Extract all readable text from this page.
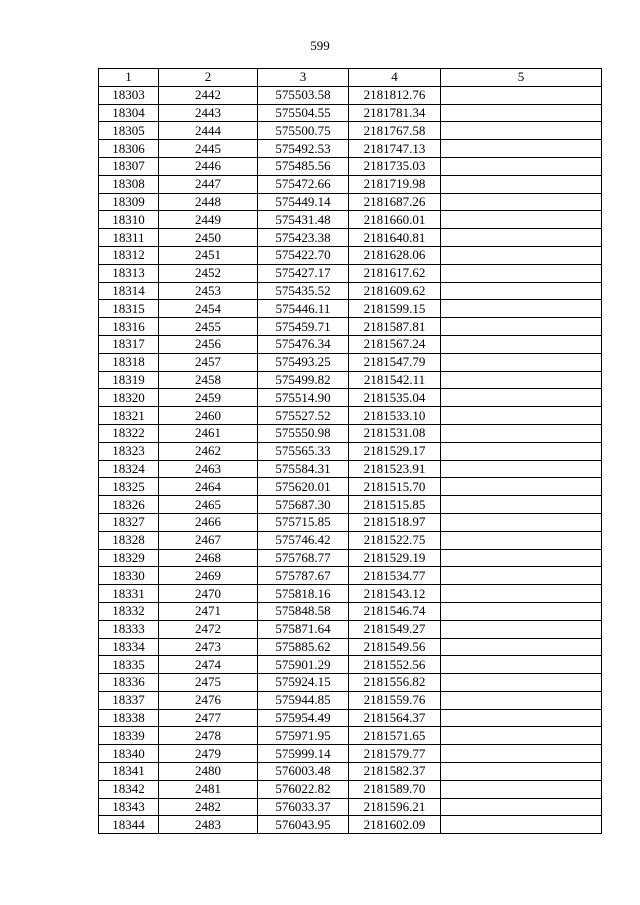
599
1	2	3	4	5
18303	2442	575503.58	2181812.76	
18304	2443	575504.55	2181781.34	
18305	2444	575500.75	2181767.58	
18306	2445	575492.53	2181747.13	
18307	2446	575485.56	2181735.03	
18308	2447	575472.66	2181719.98	
18309	2448	575449.14	2181687.26	
18310	2449	575431.48	2181660.01	
18311	2450	575423.38	2181640.81	
18312	2451	575422.70	2181628.06	
18313	2452	575427.17	2181617.62	
18314	2453	575435.52	2181609.62	
18315	2454	575446.11	2181599.15	
18316	2455	575459.71	2181587.81	
18317	2456	575476.34	2181567.24	
18318	2457	575493.25	2181547.79	
18319	2458	575499.82	2181542.11	
18320	2459	575514.90	2181535.04	
18321	2460	575527.52	2181533.10	
18322	2461	575550.98	2181531.08	
18323	2462	575565.33	2181529.17	
18324	2463	575584.31	2181523.91	
18325	2464	575620.01	2181515.70	
18326	2465	575687.30	2181515.85	
18327	2466	575715.85	2181518.97	
18328	2467	575746.42	2181522.75	
18329	2468	575768.77	2181529.19	
18330	2469	575787.67	2181534.77	
18331	2470	575818.16	2181543.12	
18332	2471	575848.58	2181546.74	
18333	2472	575871.64	2181549.27	
18334	2473	575885.62	2181549.56	
18335	2474	575901.29	2181552.56	
18336	2475	575924.15	2181556.82	
18337	2476	575944.85	2181559.76	
18338	2477	575954.49	2181564.37	
18339	2478	575971.95	2181571.65	
18340	2479	575999.14	2181579.77	
18341	2480	576003.48	2181582.37	
18342	2481	576022.82	2181589.70	
18343	2482	576033.37	2181596.21	
18344	2483	576043.95	2181602.09	
